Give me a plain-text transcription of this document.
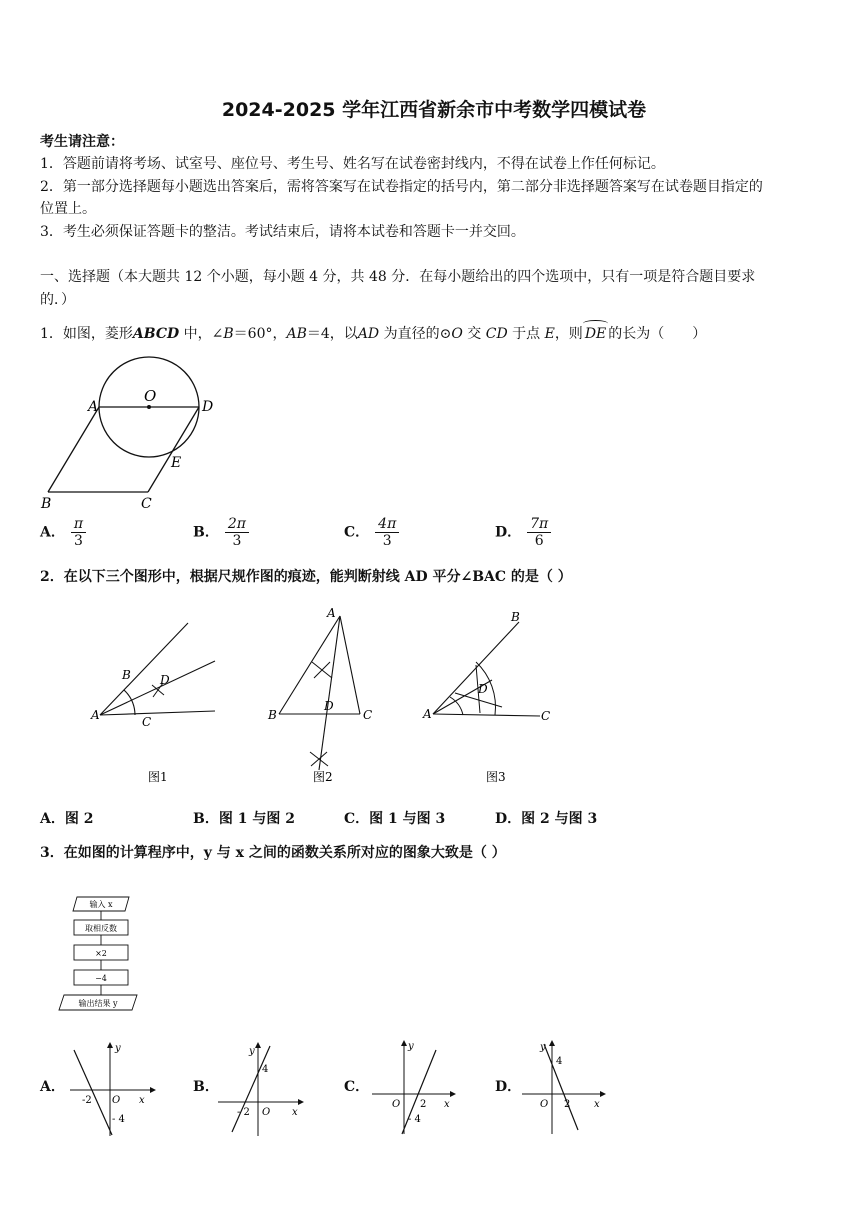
2024-2025 学年江西省新余市中考数学四模试卷
考生请注意：
1．答题前请将考场、试室号、座位号、考生号、姓名写在试卷密封线内，不得在试卷上作任何标记。
2．第一部分选择题每小题选出答案后，需将答案写在试卷指定的括号内，第二部分非选择题答案写在试卷题目指定的
位置上。
3．考生必须保证答题卡的整洁。考试结束后，请将本试卷和答题卡一并交回。
一、选择题（本大题共 12 个小题，每小题 4 分，共 48 分．在每小题给出的四个选项中，只有一项是符合题目要求
的．）
1．如图，菱形ABCD 中，∠B＝60°，AB＝4，以AD 为直径的⊙O 交 CD 于点 E，则 DE 的长为（　　）
A
O
D
E
B	C
A． $\frac{\pi}{3}$	B． $\frac{2\pi}{3}$	C． $\frac{4\pi}{3}$	D． $\frac{7\pi}{6}$
2．在以下三个图形中，根据尺规作图的痕迹，能判断射线 AD 平分∠BAC 的是（ ）
A
B D
C
图1
A
B
D
C
图2
A
B
D
C
图3
A．图 2	B．图 1 与图 2	C．图 1 与图 3	D．图 2 与图 3
3．在如图的计算程序中，y 与 x 之间的函数关系所对应的图象大致是（ ）
输入 x
取相反数
×2
−4
输出结果 y
A．
y
x
O
-2
- 4
B．
y
x
O
- 2
4
C．
y
x
O 2
- 4
D．
y
x
O 2
4
